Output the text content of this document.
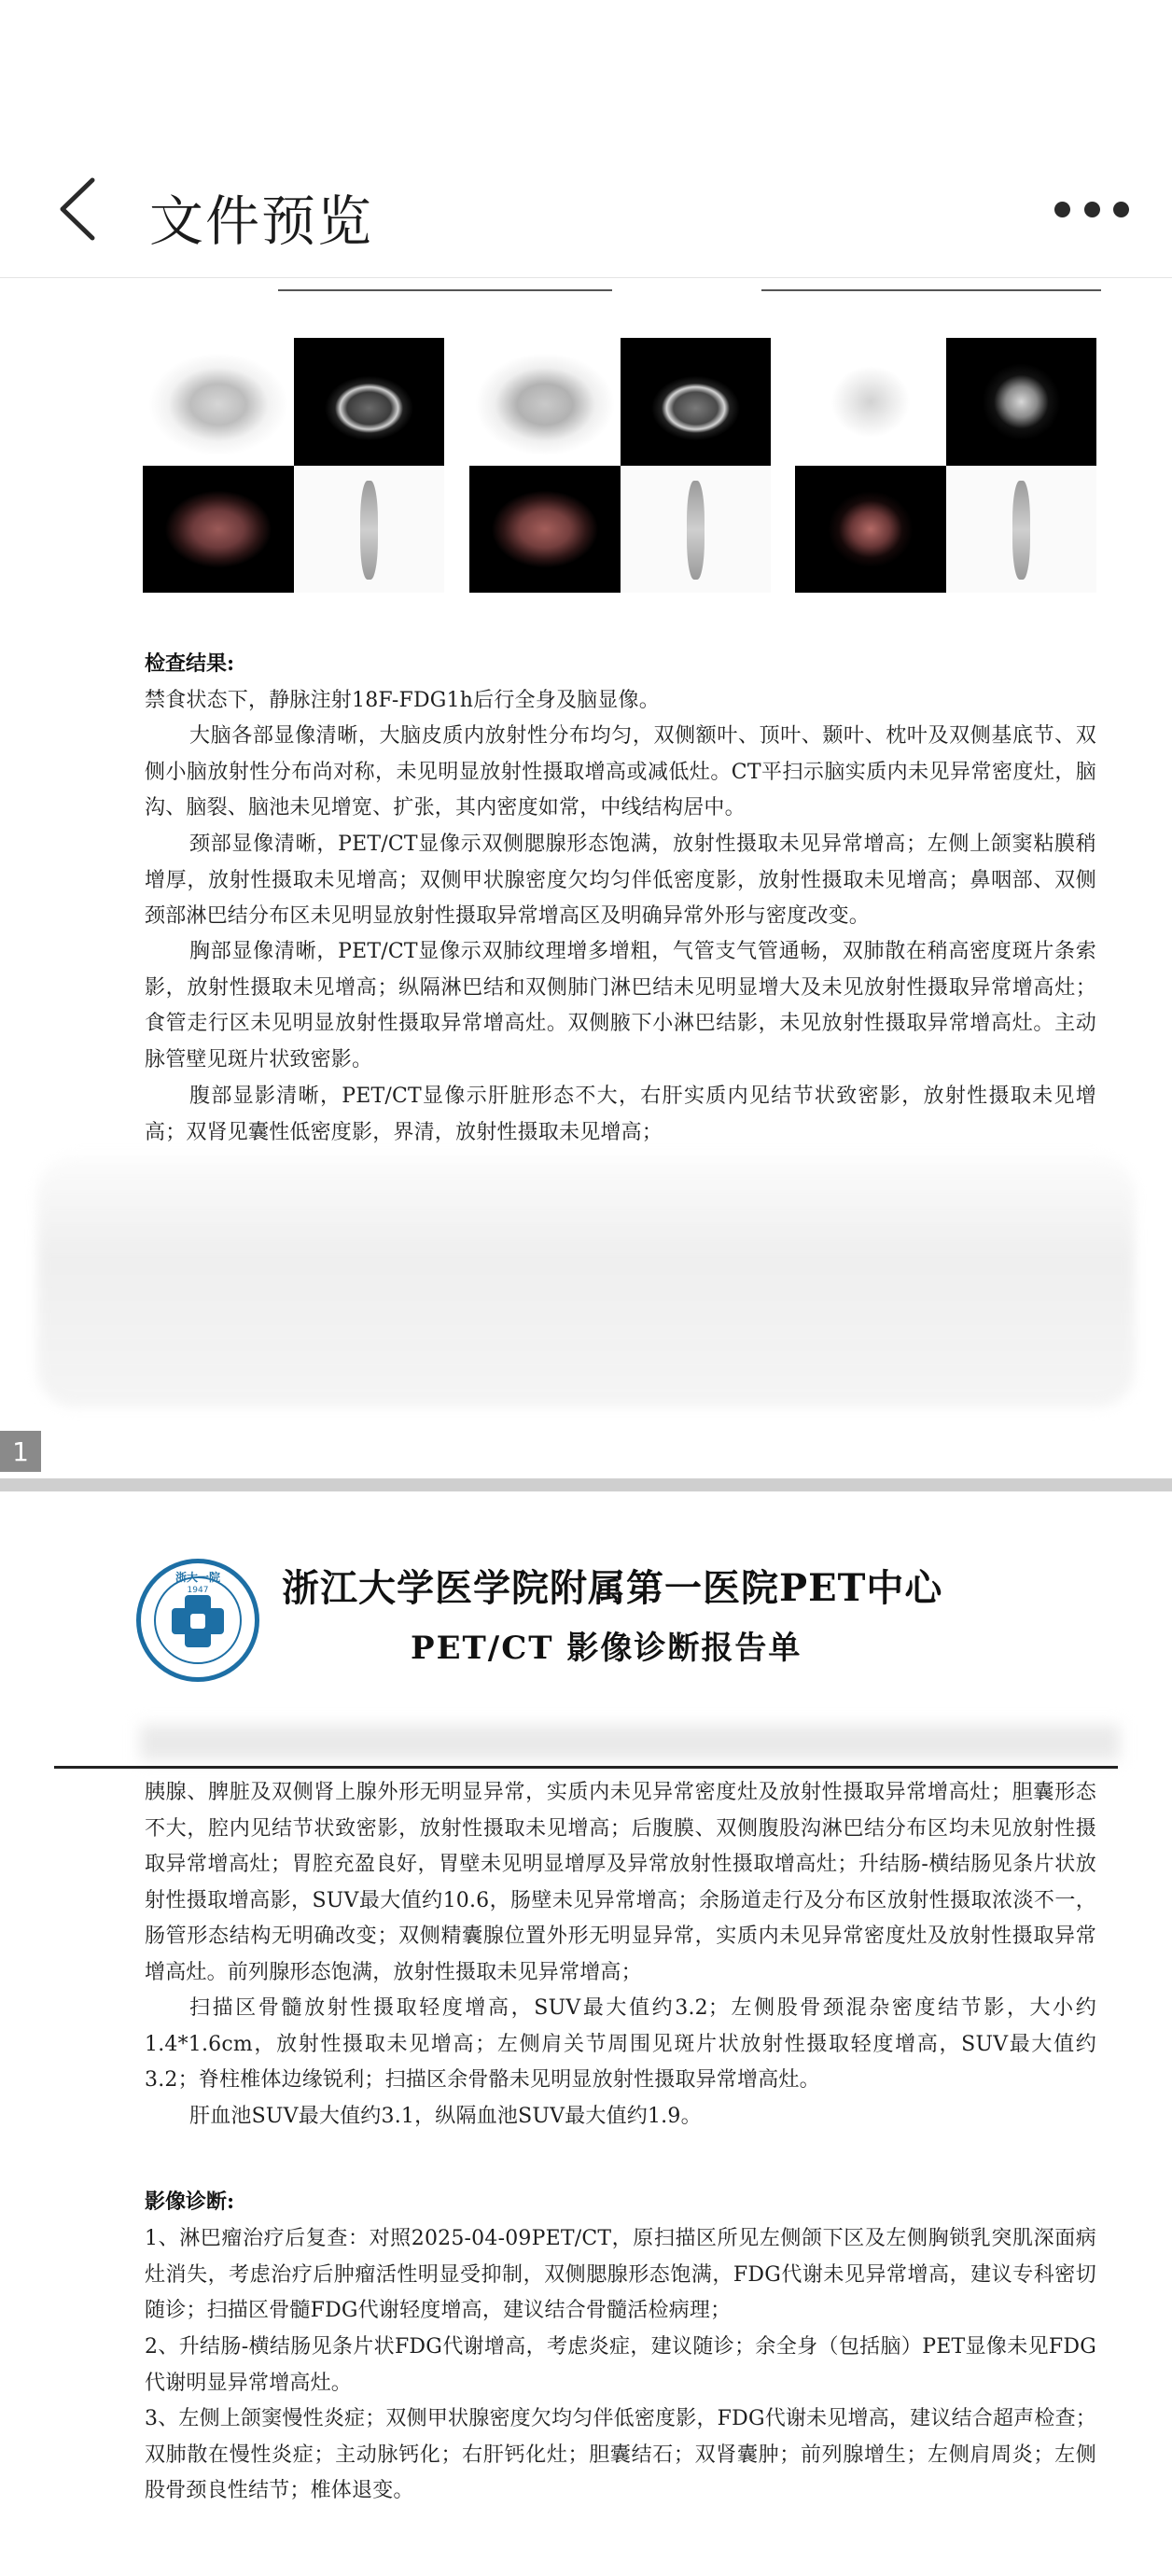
文件预览
检查结果:
禁食状态下，静脉注射18F-FDG1h后行全身及脑显像。
大脑各部显像清晰，大脑皮质内放射性分布均匀，双侧额叶、顶叶、颞叶、枕叶及双侧基底节、双侧小脑放射性分布尚对称，未见明显放射性摄取增高或减低灶。CT平扫示脑实质内未见异常密度灶，脑沟、脑裂、脑池未见增宽、扩张，其内密度如常，中线结构居中。
颈部显像清晰，PET/CT显像示双侧腮腺形态饱满，放射性摄取未见异常增高；左侧上颌窦粘膜稍增厚，放射性摄取未见增高；双侧甲状腺密度欠均匀伴低密度影，放射性摄取未见增高；鼻咽部、双侧颈部淋巴结分布区未见明显放射性摄取异常增高区及明确异常外形与密度改变。
胸部显像清晰，PET/CT显像示双肺纹理增多增粗，气管支气管通畅，双肺散在稍高密度斑片条索影，放射性摄取未见增高；纵隔淋巴结和双侧肺门淋巴结未见明显增大及未见放射性摄取异常增高灶；食管走行区未见明显放射性摄取异常增高灶。双侧腋下小淋巴结影，未见放射性摄取异常增高灶。主动脉管壁见斑片状致密影。
腹部显影清晰，PET/CT显像示肝脏形态不大，右肝实质内见结节状致密影，放射性摄取未见增高；双肾见囊性低密度影，界清，放射性摄取未见增高；
1
浙大一院
1947	浙江大学医学院附属第一医院PET中心
PET/CT 影像诊断报告单
胰腺、脾脏及双侧肾上腺外形无明显异常，实质内未见异常密度灶及放射性摄取异常增高灶；胆囊形态不大，腔内见结节状致密影，放射性摄取未见增高；后腹膜、双侧腹股沟淋巴结分布区均未见放射性摄取异常增高灶；胃腔充盈良好，胃壁未见明显增厚及异常放射性摄取增高灶；升结肠-横结肠见条片状放射性摄取增高影，SUV最大值约10.6，肠壁未见异常增高；余肠道走行及分布区放射性摄取浓淡不一，肠管形态结构无明确改变；双侧精囊腺位置外形无明显异常，实质内未见异常密度灶及放射性摄取异常增高灶。前列腺形态饱满，放射性摄取未见异常增高；
扫描区骨髓放射性摄取轻度增高，SUV最大值约3.2；左侧股骨颈混杂密度结节影，大小约1.4*1.6cm，放射性摄取未见增高；左侧肩关节周围见斑片状放射性摄取轻度增高，SUV最大值约3.2；脊柱椎体边缘锐利；扫描区余骨骼未见明显放射性摄取异常增高灶。
肝血池SUV最大值约3.1，纵隔血池SUV最大值约1.9。
影像诊断:
1、淋巴瘤治疗后复查：对照2025-04-09PET/CT，原扫描区所见左侧颌下区及左侧胸锁乳突肌深面病灶消失，考虑治疗后肿瘤活性明显受抑制，双侧腮腺形态饱满，FDG代谢未见异常增高，建议专科密切随诊；扫描区骨髓FDG代谢轻度增高，建议结合骨髓活检病理；
2、升结肠-横结肠见条片状FDG代谢增高，考虑炎症，建议随诊；余全身（包括脑）PET显像未见FDG代谢明显异常增高灶。
3、左侧上颌窦慢性炎症；双侧甲状腺密度欠均匀伴低密度影，FDG代谢未见增高，建议结合超声检查；双肺散在慢性炎症；主动脉钙化；右肝钙化灶；胆囊结石；双肾囊肿；前列腺增生；左侧肩周炎；左侧股骨颈良性结节；椎体退变。
